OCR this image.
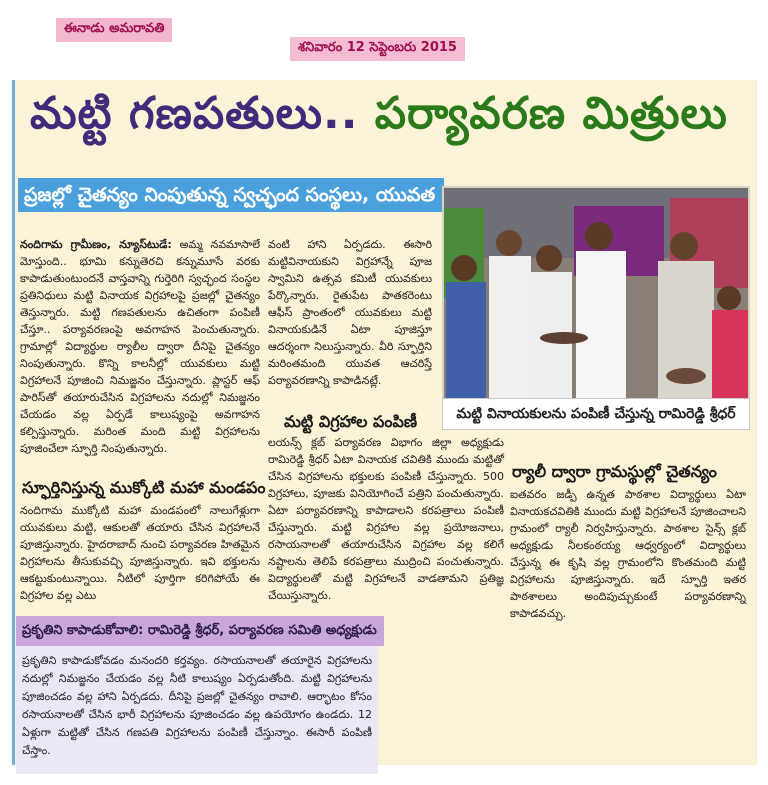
ఈనాడు అమరావతి
శనివారం 12 సెప్టెంబరు 2015
మట్టి గణపతులు.. పర్యావరణ మిత్రులు
ప్రజల్లో చైతన్యం నింపుతున్న స్వచ్ఛంద సంస్థలు, యువత
మట్టి వినాయకులను పంపిణీ చేస్తున్న రామిరెడ్డి శ్రీధర్
నందిగామ గ్రామీణం, న్యూస్‌టుడే: అమ్మ నవమాసాలే మోస్తుంది.. భూమి కన్నుతెరచి కన్నుమూసే వరకు కాపాడుతుంటుందనే వాస్తవాన్ని గుర్తెరిగి స్వచ్ఛంద సంస్థల ప్రతినిధులు మట్టి వినాయక విగ్రహాలపై ప్రజల్లో చైతన్యం తెస్తున్నారు. మట్టి గణపతులను ఉచితంగా పంపిణీ చేస్తూ.. పర్యావరణంపై అవగాహన పెంచుతున్నారు. గ్రామాల్లో విద్యార్థుల ర్యాలీల ద్వారా దీనిపై చైతన్యం నింపుతున్నారు. కొన్ని కాలనీల్లో యువకులు మట్టి విగ్రహాలనే పూజించి నిమజ్జనం చేస్తున్నారు. ప్లాస్టర్ ఆఫ్ పారిస్‌తో తయారుచేసిన విగ్రహాలను నదుల్లో నిమజ్జనం చేయడం వల్ల ఏర్పడే కాలుష్యంపై అవగాహన కల్పిస్తున్నారు. మరింత మంది మట్టి విగ్రహాలను పూజించేలా స్ఫూర్తి నింపుతున్నారు.
స్ఫూర్తినిస్తున్న ముక్కోటి మహా మండపం
నందిగామ ముక్కోటి మహా మండపంలో నాలుగేళ్లుగా యువకులు మట్టి, ఆకులతో తయారు చేసిన విగ్రహాలనే పూజిస్తున్నారు. హైదరాబాద్ నుంచి పర్యావరణ హితమైన విగ్రహాలను తీసుకువచ్చి పూజిస్తున్నారు. ఇవి భక్తులను ఆకట్టుకుంటున్నాయి. నీటిలో పూర్తిగా కరిగిపోయే ఈ విగ్రహాల వల్ల ఎటు
వంటి హాని ఏర్పడదు. ఈసారి మట్టివినాయకుని విగ్రహాన్నే పూజ స్వామిని ఉత్సవ కమిటీ యువకులు పేర్కొన్నారు. రైతుపేట పాతకరెంటు ఆఫీస్ ప్రాంతంలో యువకులు మట్టి వినాయకుడినే ఏటా పూజిస్తూ ఆదర్శంగా నిలుస్తున్నారు. వీరి స్ఫూర్తిని మరింతమంది యువత ఆచరిస్తే పర్యావరణాన్ని కాపాడినట్లే.
మట్టి విగ్రహాల పంపిణీ
లయన్స్ క్లబ్ పర్యావరణ విభాగం జిల్లా అధ్యక్షుడు రామిరెడ్డి శ్రీధర్ ఏటా వినాయక చవితికి ముందు మట్టితో చేసిన విగ్రహాలను భక్తులకు పంపిణీ చేస్తున్నారు. 500 విగ్రహాలు, పూజకు వినియోగించే పత్రిని పంచుతున్నారు. ఏటా పర్యావరణాన్ని కాపాడాలని కరపత్రాలు పంపిణీ చేస్తున్నారు. మట్టి విగ్రహాల వల్ల ప్రయోజనాలు, రసాయనాలతో తయారుచేసిన విగ్రహాల వల్ల కలిగే నష్టాలను తెలిపే కరపత్రాలు ముద్రించి పంచుతున్నారు. విద్యార్థులతో మట్టి విగ్రహాలనే వాడతామని ప్రతిజ్ఞ చేయిస్తున్నారు.
ర్యాలీ ద్వారా గ్రామస్థుల్లో చైతన్యం
ఐతవరం జడ్పీ ఉన్నత పాఠశాల విద్యార్థులు ఏటా వినాయకచవితికి ముందు మట్టి విగ్రహాలనే పూజించాలని గ్రామంలో ర్యాలీ నిర్వహిస్తున్నారు. పాఠశాల సైన్స్ క్లబ్ అధ్యక్షుడు నీలకంఠయ్య ఆధ్వర్యంలో విద్యార్థులు చేస్తున్న ఈ కృషి వల్ల గ్రామంలోని కొంతమంది మట్టి విగ్రహాలను పూజిస్తున్నారు. ఇదే స్ఫూర్తి ఇతర పాఠశాలలు అందిపుచ్చుకుంటే పర్యావరణాన్ని కాపాడవచ్చు.
ప్రకృతిని కాపాడుకోవాలి: రామిరెడ్డి శ్రీధర్, పర్యావరణ సమితి అధ్యక్షుడు
ప్రకృతిని కాపాడుకోవడం మనందరి కర్తవ్యం. రసాయనాలతో తయారైన విగ్రహాలను నదుల్లో నిమజ్జనం చేయడం వల్ల నీటి కాలుష్యం ఏర్పడుతోంది. మట్టి విగ్రహాలను పూజించడం వల్ల హాని ఏర్పడదు. దీనిపై ప్రజల్లో చైతన్యం రావాలి. ఆర్భాటం కోసం రసాయనాలతో చేసిన భారీ విగ్రహాలను పూజించడం వల్ల ఉపయోగం ఉండదు. 12 ఏళ్లుగా మట్టితో చేసిన గణపతి విగ్రహాలను పంపిణీ చేస్తున్నాం. ఈసారీ పంపిణీ చేస్తాం.
